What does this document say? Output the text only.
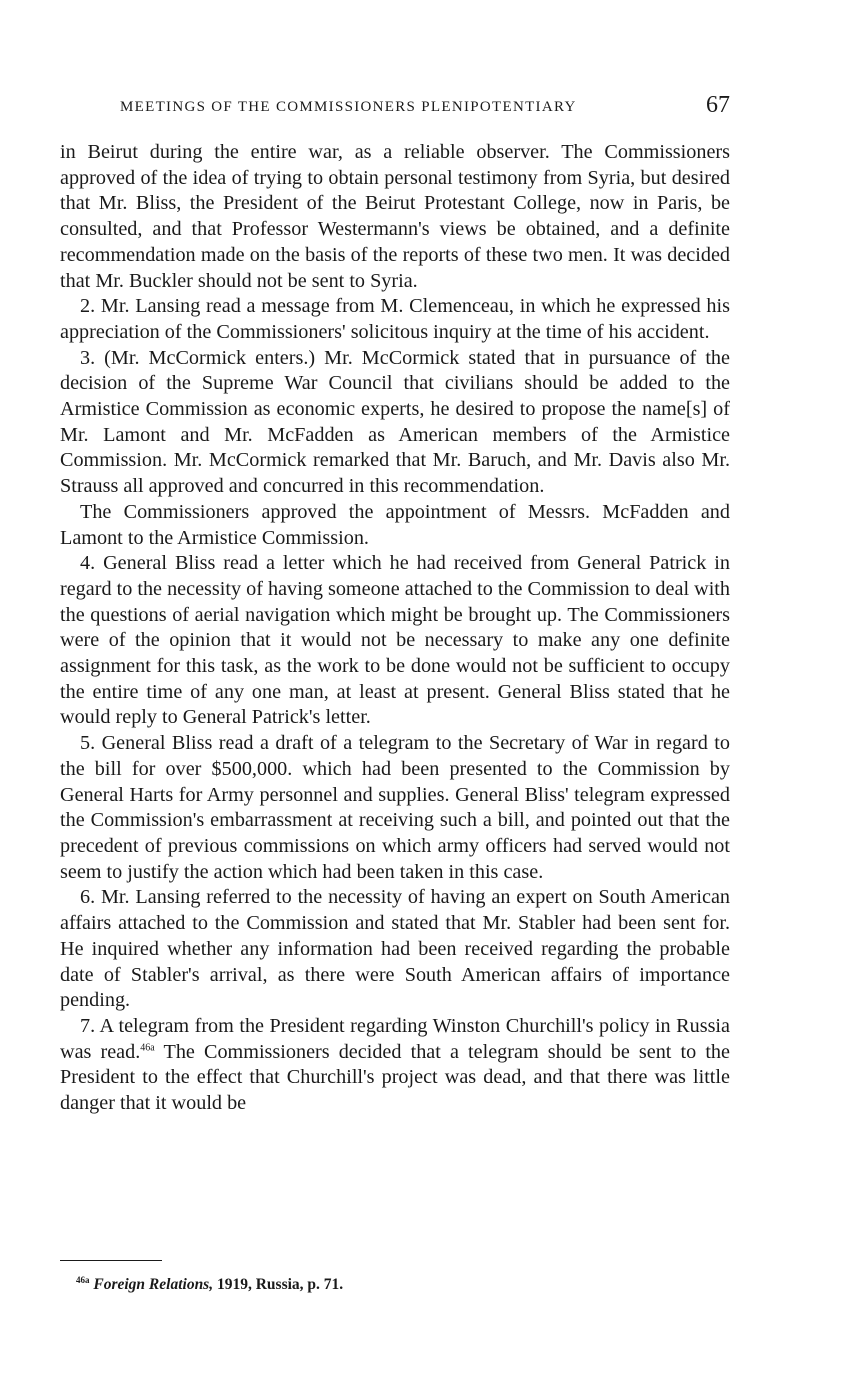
MEETINGS OF THE COMMISSIONERS PLENIPOTENTIARY	67

in Beirut during the entire war, as a reliable observer. The Commissioners approved of the idea of trying to obtain personal testimony from Syria, but desired that Mr. Bliss, the President of the Beirut Protestant College, now in Paris, be consulted, and that Professor Westermann's views be obtained, and a definite recommendation made on the basis of the reports of these two men. It was decided that Mr. Buckler should not be sent to Syria.

2. Mr. Lansing read a message from M. Clemenceau, in which he expressed his appreciation of the Commissioners' solicitous inquiry at the time of his accident.

3. (Mr. McCormick enters.) Mr. McCormick stated that in pursuance of the decision of the Supreme War Council that civilians should be added to the Armistice Commission as economic experts, he desired to propose the name[s] of Mr. Lamont and Mr. McFadden as American members of the Armistice Commission. Mr. McCormick remarked that Mr. Baruch, and Mr. Davis also Mr. Strauss all approved and concurred in this recommendation.

The Commissioners approved the appointment of Messrs. McFadden and Lamont to the Armistice Commission.

4. General Bliss read a letter which he had received from General Patrick in regard to the necessity of having someone attached to the Commission to deal with the questions of aerial navigation which might be brought up. The Commissioners were of the opinion that it would not be necessary to make any one definite assignment for this task, as the work to be done would not be sufficient to occupy the entire time of any one man, at least at present. General Bliss stated that he would reply to General Patrick's letter.

5. General Bliss read a draft of a telegram to the Secretary of War in regard to the bill for over $500,000. which had been presented to the Commission by General Harts for Army personnel and supplies. General Bliss' telegram expressed the Commission's embarrassment at receiving such a bill, and pointed out that the precedent of previous commissions on which army officers had served would not seem to justify the action which had been taken in this case.

6. Mr. Lansing referred to the necessity of having an expert on South American affairs attached to the Commission and stated that Mr. Stabler had been sent for. He inquired whether any information had been received regarding the probable date of Stabler's arrival, as there were South American affairs of importance pending.

7. A telegram from the President regarding Winston Churchill's policy in Russia was read.$^{46a}$ The Commissioners decided that a telegram should be sent to the President to the effect that Churchill's project was dead, and that there was little danger that it would be

$^{46a}$ Foreign Relations, 1919, Russia, p. 71.
